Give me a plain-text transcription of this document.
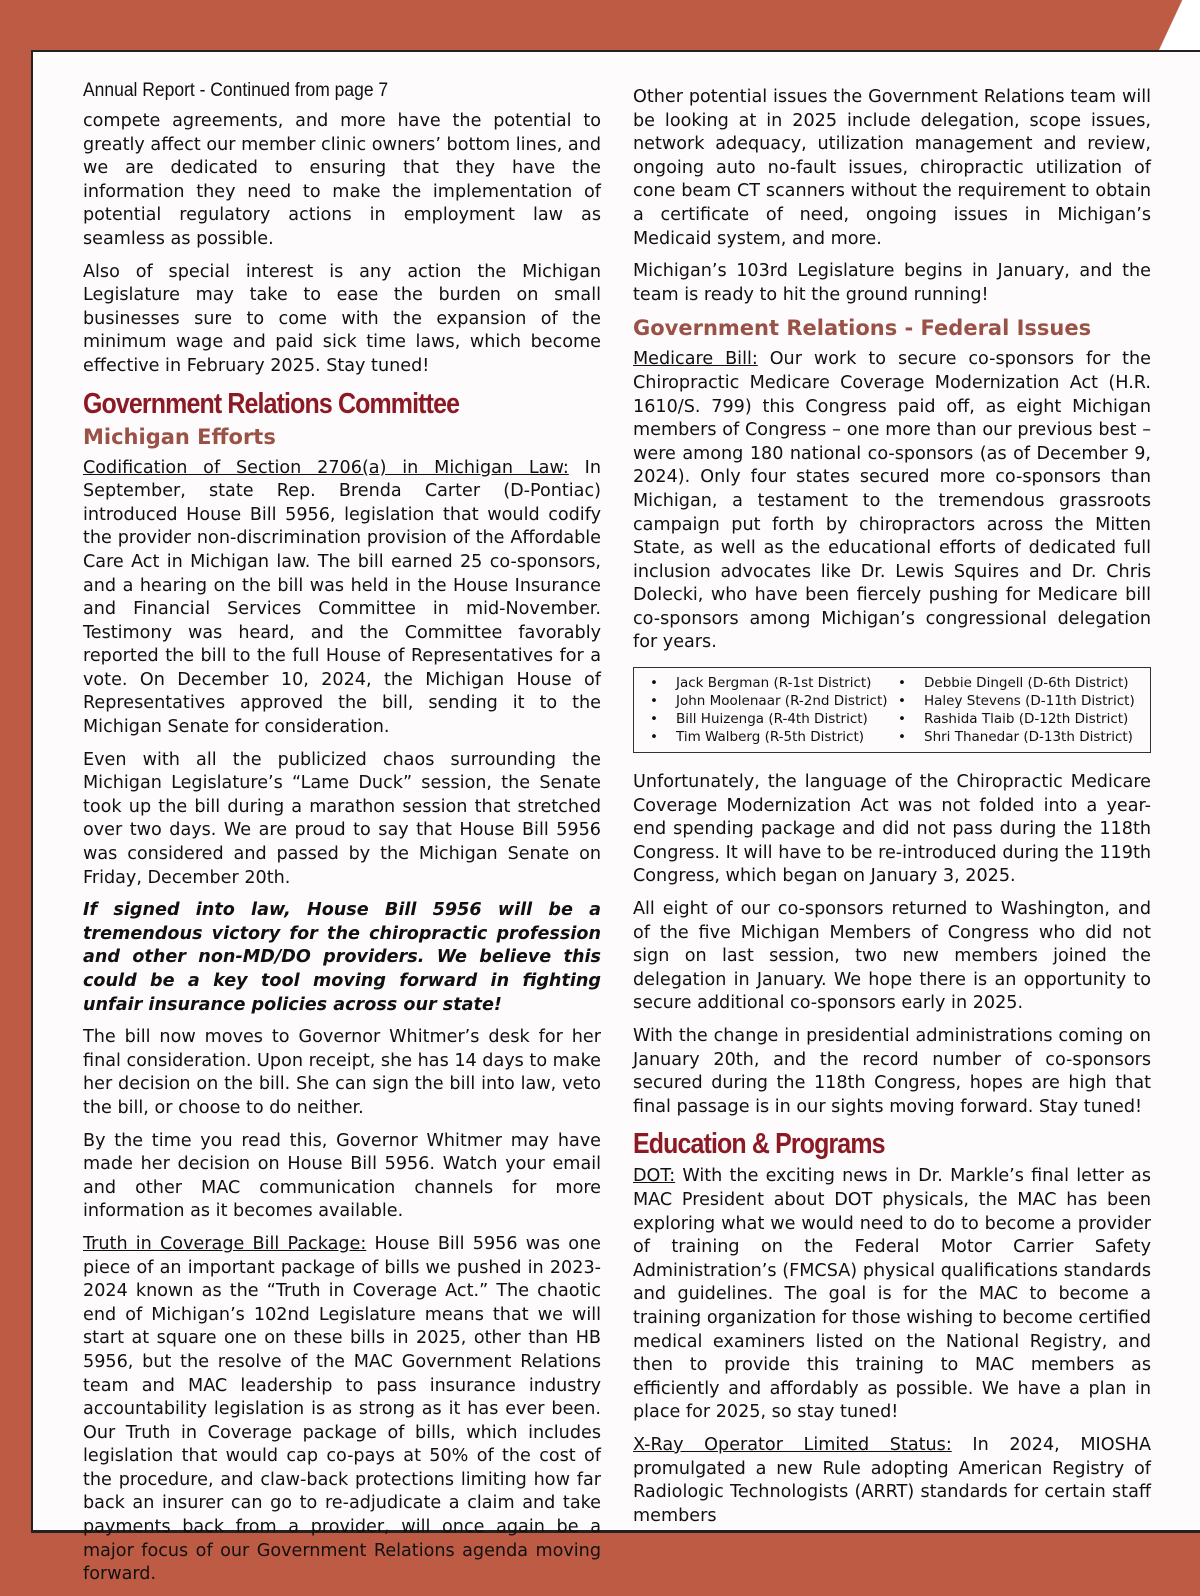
Annual Report - Continued from page 7

compete agreements, and more have the potential to greatly affect our member clinic owners’ bottom lines, and we are dedicated to ensuring that they have the information they need to make the implementation of potential regulatory actions in employment law as seamless as possible.

Also of special interest is any action the Michigan Legislature may take to ease the burden on small businesses sure to come with the expansion of the minimum wage and paid sick time laws, which become effective in February 2025. Stay tuned!

Government Relations Committee
Michigan Efforts

Codification of Section 2706(a) in Michigan Law: In September, state Rep. Brenda Carter (D-Pontiac) introduced House Bill 5956, legislation that would codify the provider non-discrimination provision of the Affordable Care Act in Michigan law. The bill earned 25 co-sponsors, and a hearing on the bill was held in the House Insurance and Financial Services Committee in mid-November. Testimony was heard, and the Committee favorably reported the bill to the full House of Representatives for a vote. On December 10, 2024, the Michigan House of Representatives approved the bill, sending it to the Michigan Senate for consideration.

Even with all the publicized chaos surrounding the Michigan Legislature’s “Lame Duck” session, the Senate took up the bill during a marathon session that stretched over two days. We are proud to say that House Bill 5956 was considered and passed by the Michigan Senate on Friday, December 20th.

If signed into law, House Bill 5956 will be a tremendous victory for the chiropractic profession and other non-MD/DO providers. We believe this could be a key tool moving forward in fighting unfair insurance policies across our state!

The bill now moves to Governor Whitmer’s desk for her final consideration. Upon receipt, she has 14 days to make her decision on the bill. She can sign the bill into law, veto the bill, or choose to do neither.

By the time you read this, Governor Whitmer may have made her decision on House Bill 5956. Watch your email and other MAC communication channels for more information as it becomes available.

Truth in Coverage Bill Package: House Bill 5956 was one piece of an important package of bills we pushed in 2023-2024 known as the “Truth in Coverage Act.” The chaotic end of Michigan’s 102nd Legislature means that we will start at square one on these bills in 2025, other than HB 5956, but the resolve of the MAC Government Relations team and MAC leadership to pass insurance industry accountability legislation is as strong as it has ever been. Our Truth in Coverage package of bills, which includes legislation that would cap co-pays at 50% of the cost of the procedure, and claw-back protections limiting how far back an insurer can go to re-adjudicate a claim and take payments back from a provider, will once again be a major focus of our Government Relations agenda moving forward.

Other potential issues the Government Relations team will be looking at in 2025 include delegation, scope issues, network adequacy, utilization management and review, ongoing auto no-fault issues, chiropractic utilization of cone beam CT scanners without the requirement to obtain a certificate of need, ongoing issues in Michigan’s Medicaid system, and more.

Michigan’s 103rd Legislature begins in January, and the team is ready to hit the ground running!

Government Relations - Federal Issues

Medicare Bill: Our work to secure co-sponsors for the Chiropractic Medicare Coverage Modernization Act (H.R. 1610/S. 799) this Congress paid off, as eight Michigan members of Congress – one more than our previous best – were among 180 national co-sponsors (as of December 9, 2024). Only four states secured more co-sponsors than Michigan, a testament to the tremendous grassroots campaign put forth by chiropractors across the Mitten State, as well as the educational efforts of dedicated full inclusion advocates like Dr. Lewis Squires and Dr. Chris Dolecki, who have been fiercely pushing for Medicare bill co-sponsors among Michigan’s congressional delegation for years.

• Jack Bergman (R-1st District)
• John Moolenaar (R-2nd District)
• Bill Huizenga (R-4th District)
• Tim Walberg (R-5th District)
• Debbie Dingell (D-6th District)
• Haley Stevens (D-11th District)
• Rashida Tlaib (D-12th District)
• Shri Thanedar (D-13th District)

Unfortunately, the language of the Chiropractic Medicare Coverage Modernization Act was not folded into a year-end spending package and did not pass during the 118th Congress. It will have to be re-introduced during the 119th Congress, which began on January 3, 2025.

All eight of our co-sponsors returned to Washington, and of the five Michigan Members of Congress who did not sign on last session, two new members joined the delegation in January. We hope there is an opportunity to secure additional co-sponsors early in 2025.

With the change in presidential administrations coming on January 20th, and the record number of co-sponsors secured during the 118th Congress, hopes are high that final passage is in our sights moving forward. Stay tuned!

Education & Programs

DOT: With the exciting news in Dr. Markle’s final letter as MAC President about DOT physicals, the MAC has been exploring what we would need to do to become a provider of training on the Federal Motor Carrier Safety Administration’s (FMCSA) physical qualifications standards and guidelines. The goal is for the MAC to become a training organization for those wishing to become certified medical examiners listed on the National Registry, and then to provide this training to MAC members as efficiently and affordably as possible. We have a plan in place for 2025, so stay tuned!

X-Ray Operator Limited Status: In 2024, MIOSHA promulgated a new Rule adopting American Registry of Radiologic Technologists (ARRT) standards for certain staff members
